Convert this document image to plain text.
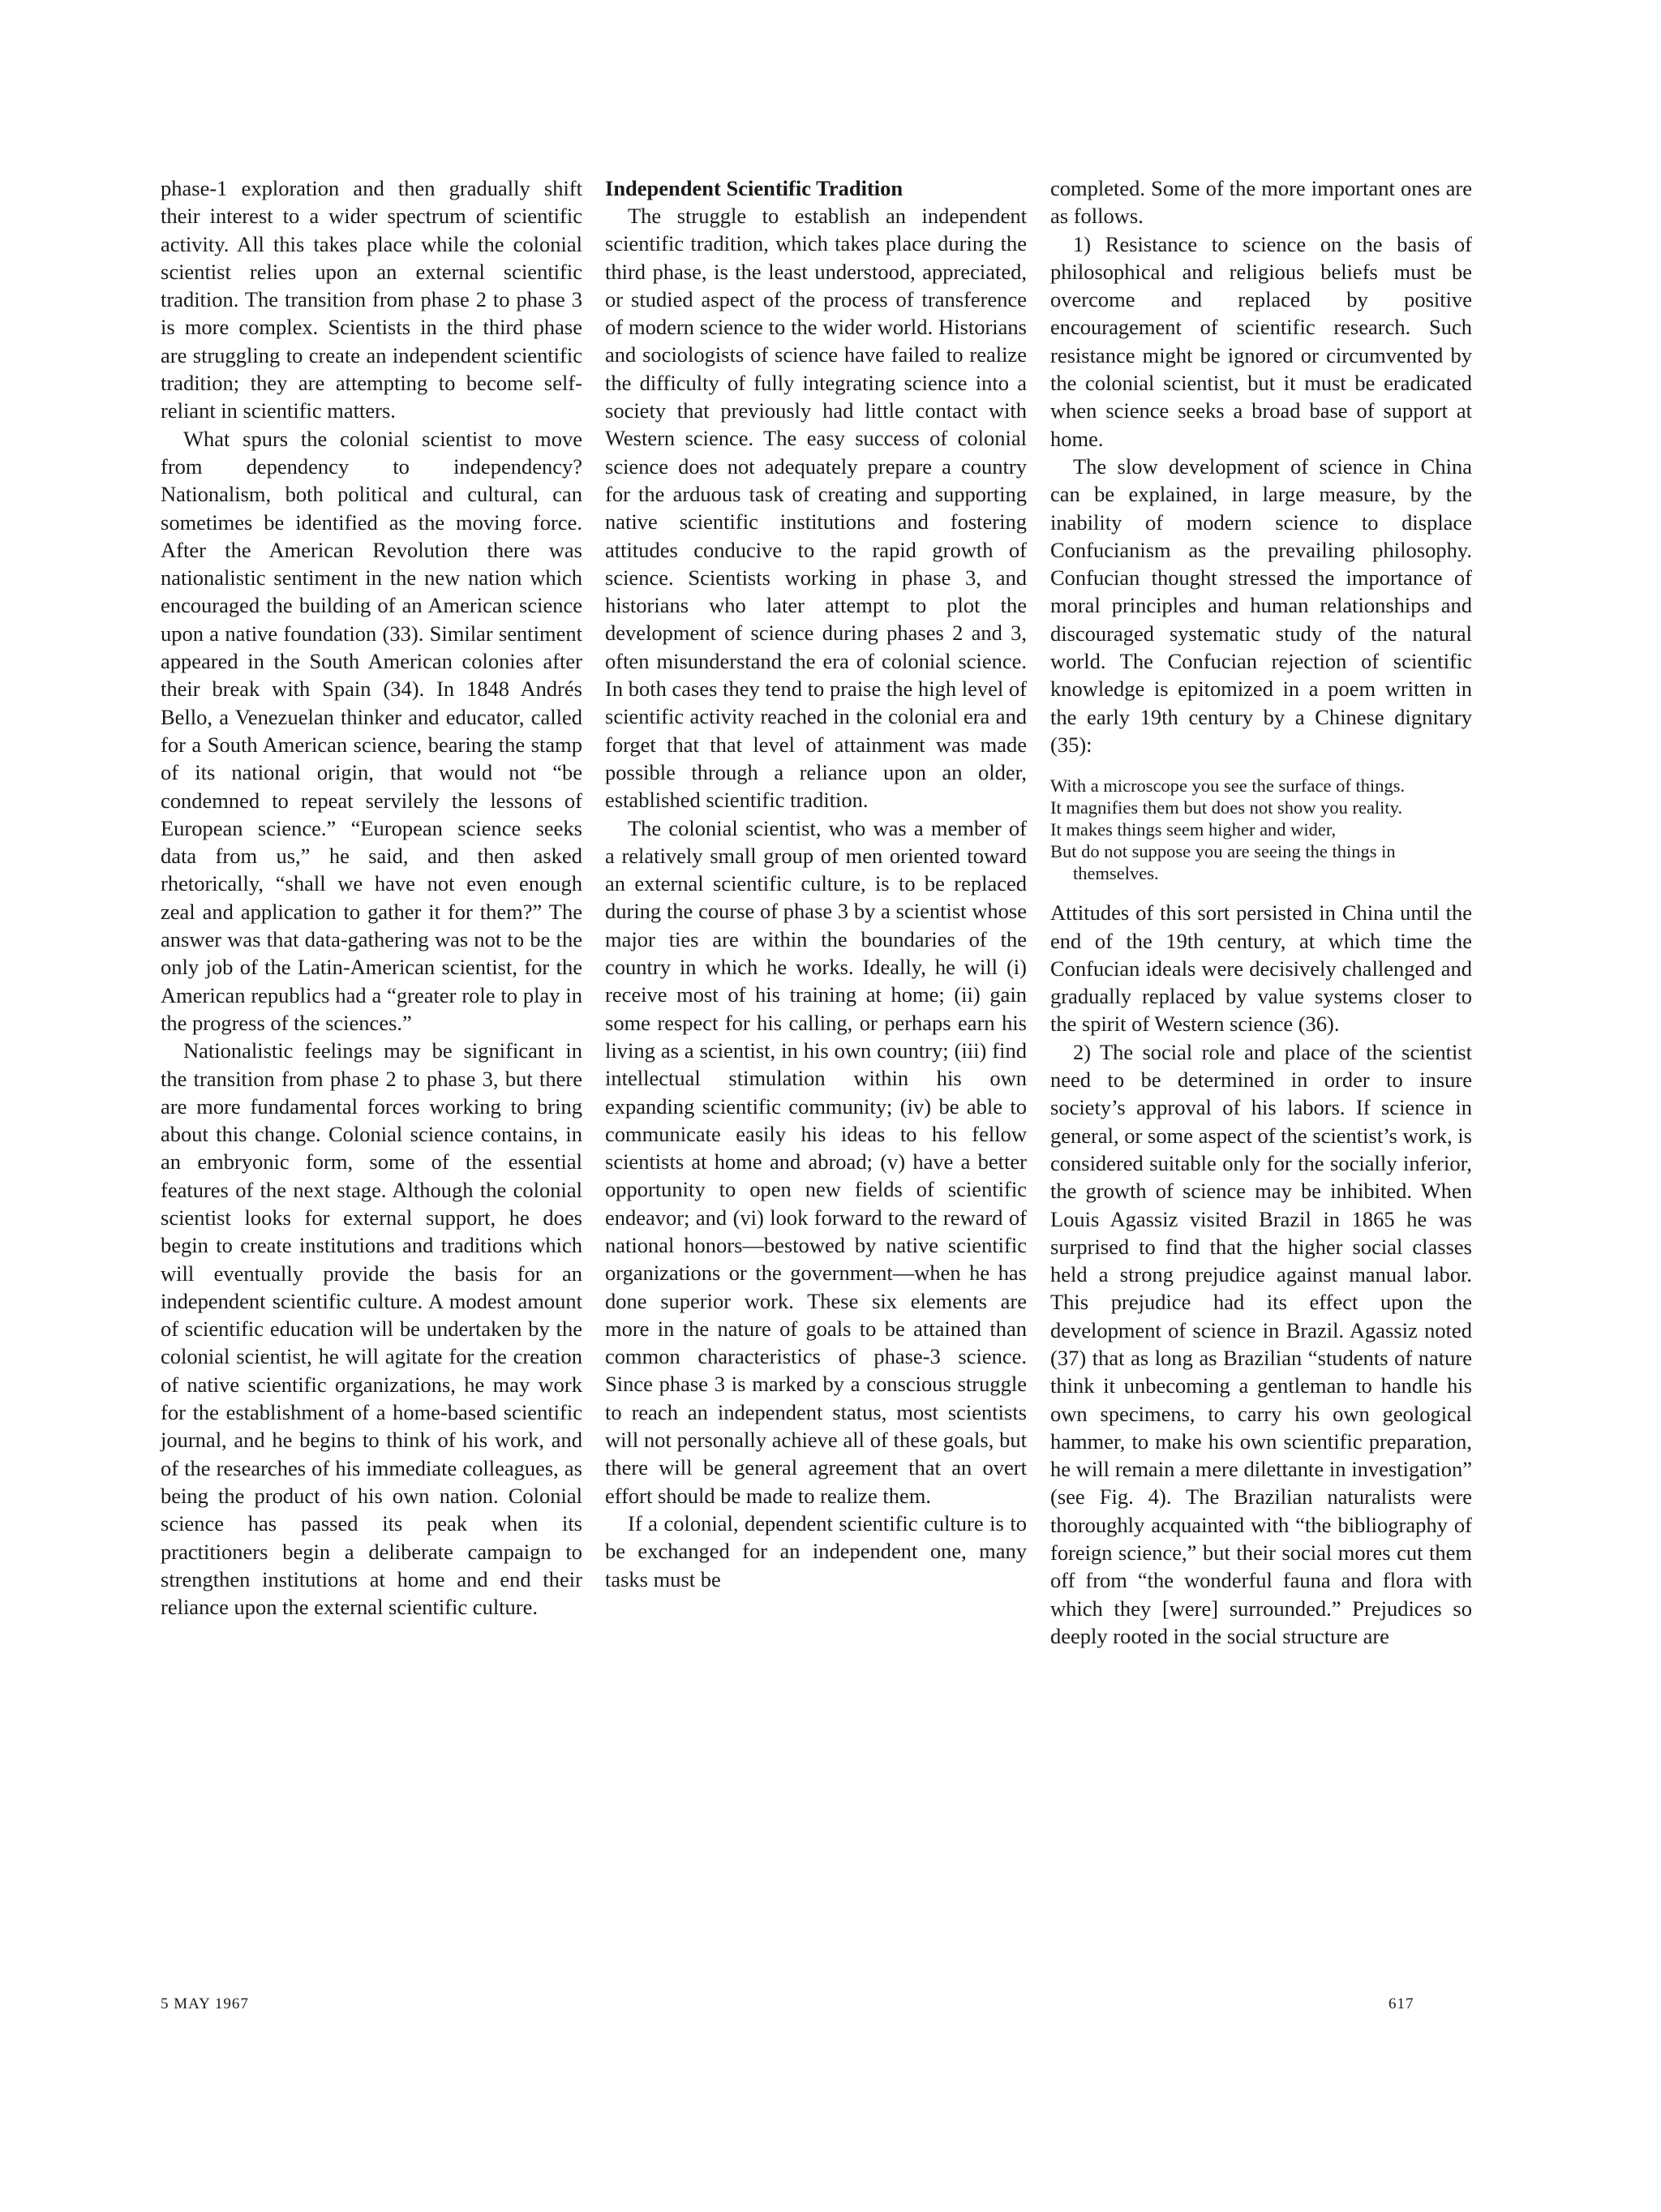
phase-1 exploration and then gradually shift their interest to a wider spectrum of scientific activity. All this takes place while the colonial scientist relies upon an external scientific tradition. The transition from phase 2 to phase 3 is more complex. Scientists in the third phase are struggling to create an independent scientific tradition; they are attempting to become self-reliant in scientific matters.

What spurs the colonial scientist to move from dependency to independency? Nationalism, both political and cultural, can sometimes be identified as the moving force. After the American Revolution there was nationalistic sentiment in the new nation which encouraged the building of an American science upon a native foundation (33). Similar sentiment appeared in the South American colonies after their break with Spain (34). In 1848 Andrés Bello, a Venezuelan thinker and educator, called for a South American science, bearing the stamp of its national origin, that would not “be condemned to repeat servilely the lessons of European science.” “European science seeks data from us,” he said, and then asked rhetorically, “shall we have not even enough zeal and application to gather it for them?” The answer was that data-gathering was not to be the only job of the Latin-American scientist, for the American republics had a “greater role to play in the progress of the sciences.”

Nationalistic feelings may be significant in the transition from phase 2 to phase 3, but there are more fundamental forces working to bring about this change. Colonial science contains, in an embryonic form, some of the essential features of the next stage. Although the colonial scientist looks for external support, he does begin to create institutions and traditions which will eventually provide the basis for an independent scientific culture. A modest amount of scientific education will be undertaken by the colonial scientist, he will agitate for the creation of native scientific organizations, he may work for the establishment of a home-based scientific journal, and he begins to think of his work, and of the researches of his immediate colleagues, as being the product of his own nation. Colonial science has passed its peak when its practitioners begin a deliberate campaign to strengthen institutions at home and end their reliance upon the external scientific culture.

Independent Scientific Tradition

The struggle to establish an independent scientific tradition, which takes place during the third phase, is the least understood, appreciated, or studied aspect of the process of transference of modern science to the wider world. Historians and sociologists of science have failed to realize the difficulty of fully integrating science into a society that previously had little contact with Western science. The easy success of colonial science does not adequately prepare a country for the arduous task of creating and supporting native scientific institutions and fostering attitudes conducive to the rapid growth of science. Scientists working in phase 3, and historians who later attempt to plot the development of science during phases 2 and 3, often misunderstand the era of colonial science. In both cases they tend to praise the high level of scientific activity reached in the colonial era and forget that that level of attainment was made possible through a reliance upon an older, established scientific tradition.

The colonial scientist, who was a member of a relatively small group of men oriented toward an external scientific culture, is to be replaced during the course of phase 3 by a scientist whose major ties are within the boundaries of the country in which he works. Ideally, he will (i) receive most of his training at home; (ii) gain some respect for his calling, or perhaps earn his living as a scientist, in his own country; (iii) find intellectual stimulation within his own expanding scientific community; (iv) be able to communicate easily his ideas to his fellow scientists at home and abroad; (v) have a better opportunity to open new fields of scientific endeavor; and (vi) look forward to the reward of national honors—bestowed by native scientific organizations or the government—when he has done superior work. These six elements are more in the nature of goals to be attained than common characteristics of phase-3 science. Since phase 3 is marked by a conscious struggle to reach an independent status, most scientists will not personally achieve all of these goals, but there will be general agreement that an overt effort should be made to realize them.

If a colonial, dependent scientific culture is to be exchanged for an independent one, many tasks must be

completed. Some of the more important ones are as follows.

1) Resistance to science on the basis of philosophical and religious beliefs must be overcome and replaced by positive encouragement of scientific research. Such resistance might be ignored or circumvented by the colonial scientist, but it must be eradicated when science seeks a broad base of support at home.

The slow development of science in China can be explained, in large measure, by the inability of modern science to displace Confucianism as the prevailing philosophy. Confucian thought stressed the importance of moral principles and human relationships and discouraged systematic study of the natural world. The Confucian rejection of scientific knowledge is epitomized in a poem written in the early 19th century by a Chinese dignitary (35):

With a microscope you see the surface of things.
It magnifies them but does not show you reality.
It makes things seem higher and wider,
But do not suppose you are seeing the things in themselves.

Attitudes of this sort persisted in China until the end of the 19th century, at which time the Confucian ideals were decisively challenged and gradually replaced by value systems closer to the spirit of Western science (36).

2) The social role and place of the scientist need to be determined in order to insure society’s approval of his labors. If science in general, or some aspect of the scientist’s work, is considered suitable only for the socially inferior, the growth of science may be inhibited. When Louis Agassiz visited Brazil in 1865 he was surprised to find that the higher social classes held a strong prejudice against manual labor. This prejudice had its effect upon the development of science in Brazil. Agassiz noted (37) that as long as Brazilian “students of nature think it unbecoming a gentleman to handle his own specimens, to carry his own geological hammer, to make his own scientific preparation, he will remain a mere dilettante in investigation” (see Fig. 4). The Brazilian naturalists were thoroughly acquainted with “the bibliography of foreign science,” but their social mores cut them off from “the wonderful fauna and flora with which they [were] surrounded.” Prejudices so deeply rooted in the social structure are

5 MAY 1967	617
